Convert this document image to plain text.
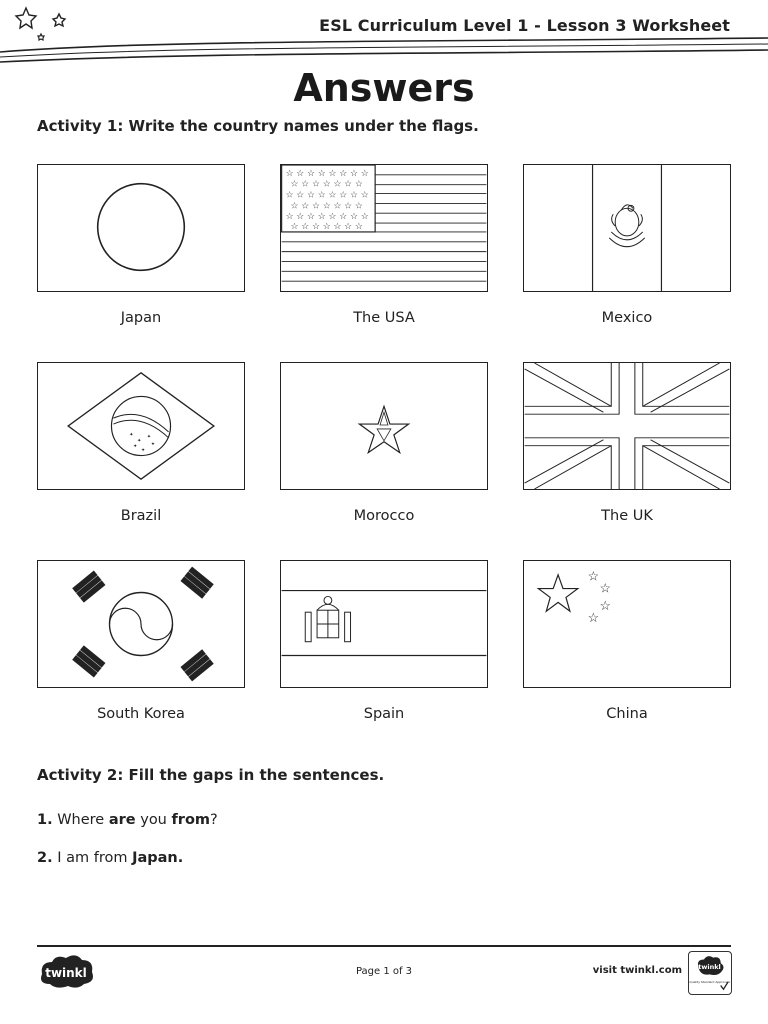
ESL Curriculum Level 1 - Lesson 3 Worksheet
Answers
Activity 1: Write the country names under the flags.
Japan
☆ ☆ ☆ ☆ ☆ ☆ ☆ ☆
☆ ☆ ☆ ☆ ☆ ☆ ☆
☆ ☆ ☆ ☆ ☆ ☆ ☆ ☆
☆ ☆ ☆ ☆ ☆ ☆ ☆
☆ ☆ ☆ ☆ ☆ ☆ ☆ ☆
☆ ☆ ☆ ☆ ☆ ☆ ☆
The USA	Mexico
✦
✦
✦
✦	✦
✦
Brazil	Morocco	The UK
South Korea	Spain
☆
☆
☆
☆
China
Activity 2: Fill the gaps in the sentences.
1. Where are you from?
2. I am from Japan.
twinkl	Page 1 of 3	visit twinkl.com twinkl
Quality Standard Approved
